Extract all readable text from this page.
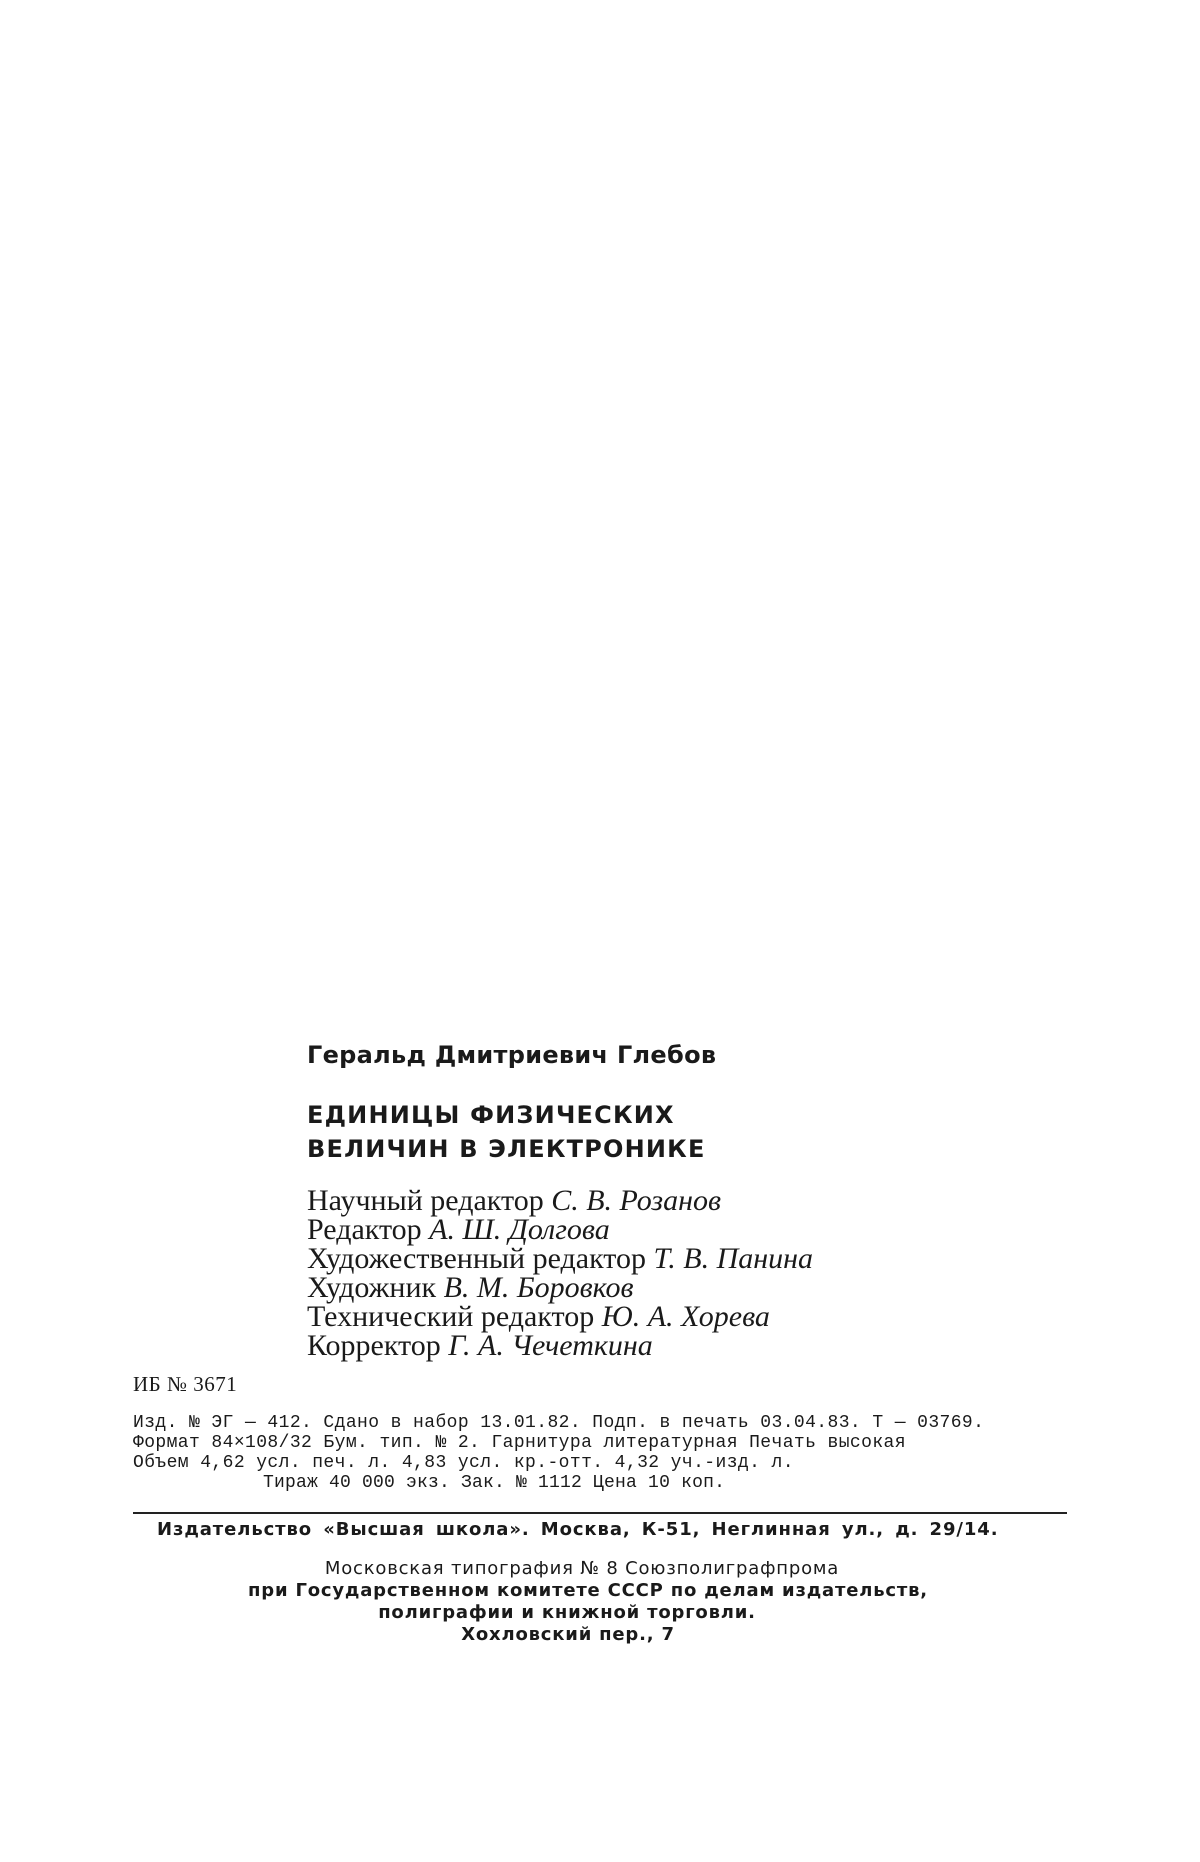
Геральд Дмитриевич Глебов
ЕДИНИЦЫ ФИЗИЧЕСКИХ
ВЕЛИЧИН В ЭЛЕКТРОНИКЕ
Научный редактор С. В. Розанов
Редактор А. Ш. Долгова
Художественный редактор Т. В. Панина
Художник В. М. Боровков
Технический редактор Ю. А. Хорева
Корректор Г. А. Чечеткина
ИБ № 3671
Изд. № ЭГ — 412. Сдано в набор 13.01.82. Подп. в печать 03.04.83. Т — 03769.
Формат 84×108/32 Бум. тип. № 2. Гарнитура литературная Печать высокая
Объем 4,62 усл. печ. л. 4,83 усл. кр.-отт. 4,32 уч.-изд. л.
Тираж 40 000 экз. Зак. № 1112 Цена 10 коп.
Издательство «Высшая школа». Москва, К-51, Неглинная ул., д. 29/14.
Московская типография № 8 Союзполиграфпрома
при Государственном комитете СССР по делам издательств,
полиграфии и книжной торговли.
Хохловский пер., 7
